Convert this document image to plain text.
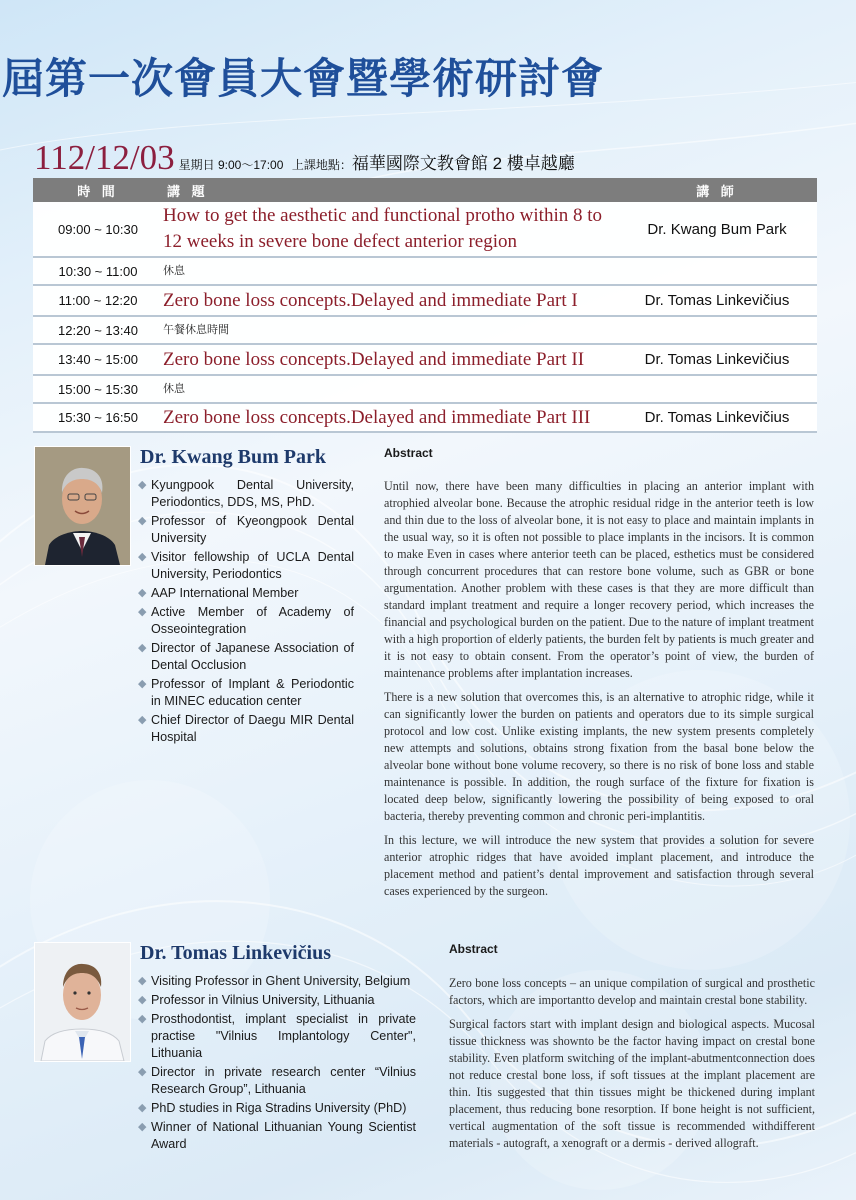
屆第一次會員大會暨學術研討會
112/12/03 星期日 9:00～17:00 上課地點：福華國際文教會館 2 樓卓越廳
時 間	講 題	講 師
09:00 ~ 10:30	How to get the aesthetic and functional protho within 8 to 12 weeks in severe bone defect anterior region	Dr. Kwang Bum Park
10:30 ~ 11:00	休息	
11:00 ~ 12:20	Zero bone loss concepts.Delayed and immediate Part I	Dr. Tomas Linkevičius
12:20 ~ 13:40	午餐休息時間	
13:40 ~ 15:00	Zero bone loss concepts.Delayed and immediate Part II	Dr. Tomas Linkevičius
15:00 ~ 15:30	休息	
15:30 ~ 16:50	Zero bone loss concepts.Delayed and immediate Part III	Dr. Tomas Linkevičius
Dr. Kwang Bum Park
◆ Kyungpook Dental University, Periodontics, DDS, MS, PhD.
◆ Professor of Kyeongpook Dental University
◆ Visitor fellowship of UCLA Dental University, Periodontics
◆ AAP International Member
◆ Active Member of Academy of Osseointegration
◆ Director of Japanese Association of Dental Occlusion
◆ Professor of Implant & Periodontic in MINEC education center
◆ Chief Director of Daegu MIR Dental Hospital
Abstract

Until now, there have been many difficulties in placing an anterior implant with atrophied alveolar bone. Because the atrophic residual ridge in the anterior teeth is low and thin due to the loss of alveolar bone, it is not easy to place and maintain implants in the usual way, so it is often not possible to place implants in the incisors. It is common to make Even in cases where anterior teeth can be placed, esthetics must be considered through concurrent procedures that can restore bone volume, such as GBR or bone argumentation. Another problem with these cases is that they are more difficult than standard implant treatment and require a longer recovery period, which increases the financial and psychological burden on the patient. Due to the nature of implant treatment with a high proportion of elderly patients, the burden felt by patients is much greater and it is not easy to obtain consent. From the operator’s point of view, the burden of maintenance problems after implantation increases.

There is a new solution that overcomes this, is an alternative to atrophic ridge, while it can significantly lower the burden on patients and operators due to its simple surgical protocol and low cost. Unlike existing implants, the new system presents completely new attempts and solutions, obtains strong fixation from the basal bone below the alveolar bone without bone volume recovery, so there is no risk of bone loss and stable maintenance is possible. In addition, the rough surface of the fixture for fixation is located deep below, significantly lowering the possibility of being exposed to oral bacteria, thereby preventing common and chronic peri-implantitis.

In this lecture, we will introduce the new system that provides a solution for severe anterior atrophic ridges that have avoided implant placement, and introduce the placement method and patient’s dental improvement and satisfaction through several cases experienced by the surgeon.

Dr. Tomas Linkevičius
◆ Visiting Professor in Ghent University, Belgium
◆ Professor in Vilnius University, Lithuania
◆ Prosthodontist, implant specialist in private practise "Vilnius Implantology Center", Lithuania
◆ Director in private research center “Vilnius Research Group”, Lithuania
◆ PhD studies in Riga Stradins University (PhD)
◆ Winner of National Lithuanian Young Scientist Award
Abstract

Zero bone loss concepts – an unique compilation of surgical and prosthetic factors, which are importantto develop and maintain crestal bone stability.

Surgical factors start with implant design and biological aspects. Mucosal tissue thickness was shownto be the factor having impact on crestal bone stability. Even platform switching of the implant-abutmentconnection does not reduce crestal bone loss, if soft tissues at the implant placement are thin. Itis suggested that thin tissues might be thickened during implant placement, thus reducing bone resorption. If bone height is not sufficient, vertical augmentation of the soft tissue is recommended withdifferent materials - autograft, a xenograft or a dermis - derived allograft.
